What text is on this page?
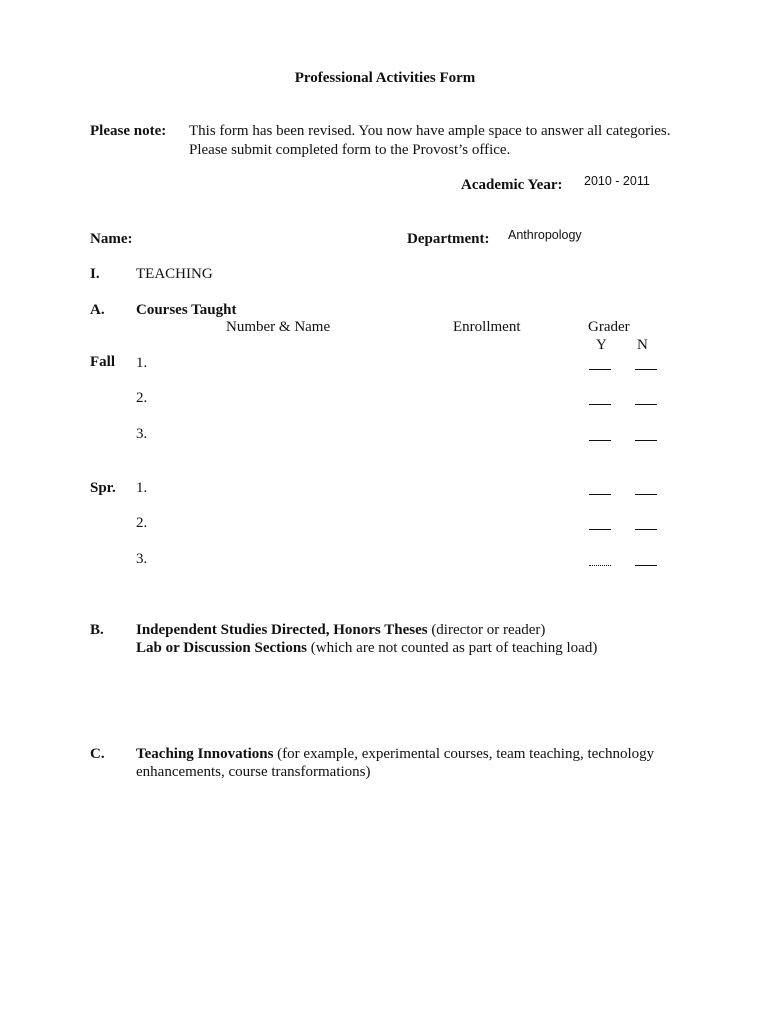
Professional Activities Form
Please note: This form has been revised. You now have ample space to answer all categories.
Please submit completed form to the Provost’s office.
Academic Year: 2010 - 2011
Name:	Department: Anthropology
I. TEACHING
A. Courses Taught
Number & Name	Enrollment	Grader
Y N
Fall 1.
2.
3.
Spr. 1.
2.
3.
B. Independent Studies Directed, Honors Theses (director or reader)
Lab or Discussion Sections (which are not counted as part of teaching load)
C. Teaching Innovations (for example, experimental courses, team teaching, technology
enhancements, course transformations)
